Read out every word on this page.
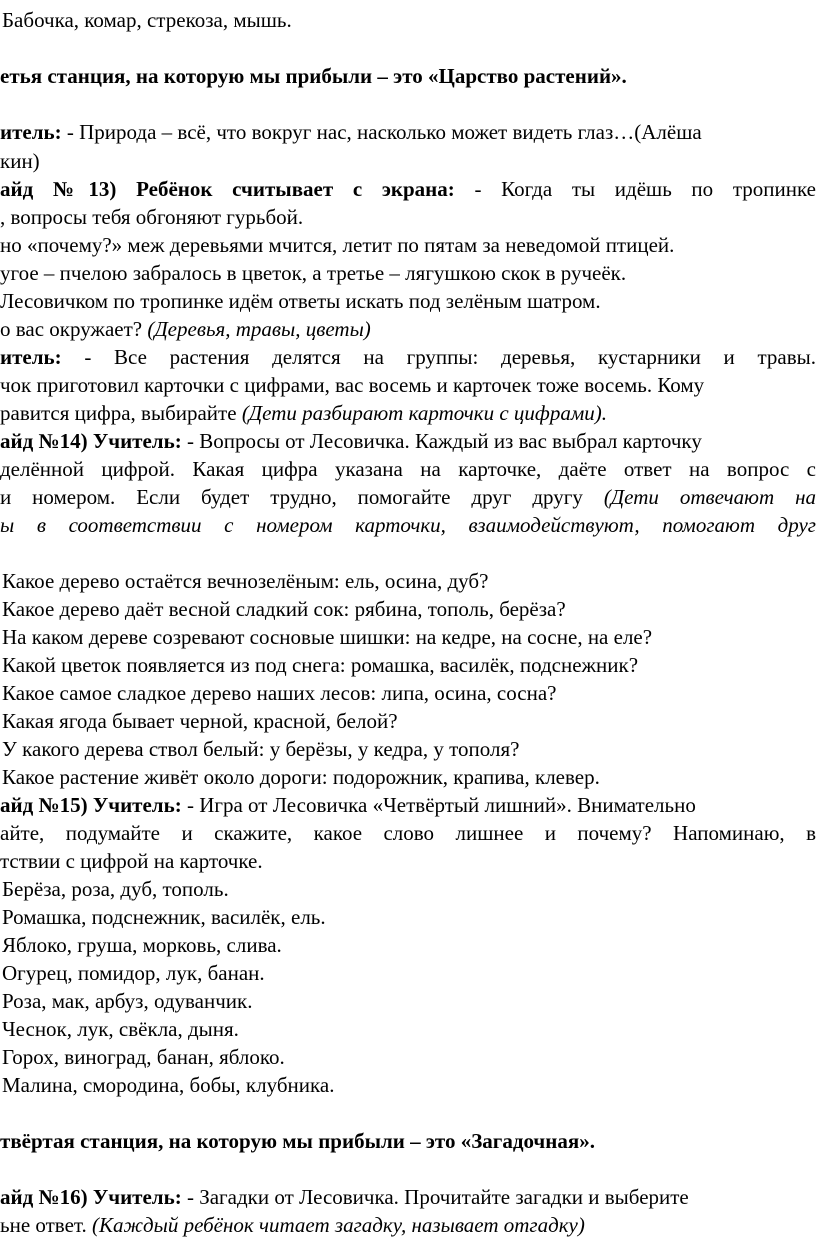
Бабочка, комар, стрекоза, мышь.
етья станция, на которую мы прибыли – это «Царство растений».
итель: - Природа – всё, что вокруг нас, насколько может видеть глаз…(Алёша
кин)
айд №13) Ребёнок считывает с экрана: - Когда ты идёшь по тропинке
, вопросы тебя обгоняют гурьбой.
но «почему?» меж деревьями мчится, летит по пятам за неведомой птицей.
угое – пчелою забралось в цветок, а третье – лягушкою скок в ручеёк.
Лесовичком по тропинке идём ответы искать под зелёным шатром.
о вас окружает? (Деревья, травы, цветы)
итель: - Все растения делятся на группы: деревья, кустарники и травы.
чок приготовил карточки с цифрами, вас восемь и карточек тоже восемь. Кому
равится цифра, выбирайте (Дети разбирают карточки с цифрами).
айд №14) Учитель: - Вопросы от Лесовичка. Каждый из вас выбрал карточку
делённой цифрой. Какая цифра указана на карточке, даёте ответ на вопрос с
и номером. Если будет трудно, помогайте друг другу (Дети отвечают на
ы в соответствии с номером карточки, взаимодействуют, помогают друг
Какое дерево остаётся вечнозелёным: ель, осина, дуб?
Какое дерево даёт весной сладкий сок: рябина, тополь, берёза?
На каком дереве созревают сосновые шишки: на кедре, на сосне, на еле?
Какой цветок появляется из под снега: ромашка, василёк, подснежник?
Какое самое сладкое дерево наших лесов: липа, осина, сосна?
Какая ягода бывает черной, красной, белой?
У какого дерева ствол белый: у берёзы, у кедра, у тополя?
Какое растение живёт около дороги: подорожник, крапива, клевер.
айд №15) Учитель: - Игра от Лесовичка «Четвёртый лишний». Внимательно
айте, подумайте и скажите, какое слово лишнее и почему? Напоминаю, в
тствии с цифрой на карточке.
Берёза, роза, дуб, тополь.
Ромашка, подснежник, василёк, ель.
Яблоко, груша, морковь, слива.
Огурец, помидор, лук, банан.
Роза, мак, арбуз, одуванчик.
Чеснок, лук, свёкла, дыня.
Горох, виноград, банан, яблоко.
Малина, смородина, бобы, клубника.
твёртая станция, на которую мы прибыли – это «Загадочная».
айд №16) Учитель: - Загадки от Лесовичка. Прочитайте загадки и выберите
ьне ответ. (Каждый ребёнок читает загадку, называет отгадку)
